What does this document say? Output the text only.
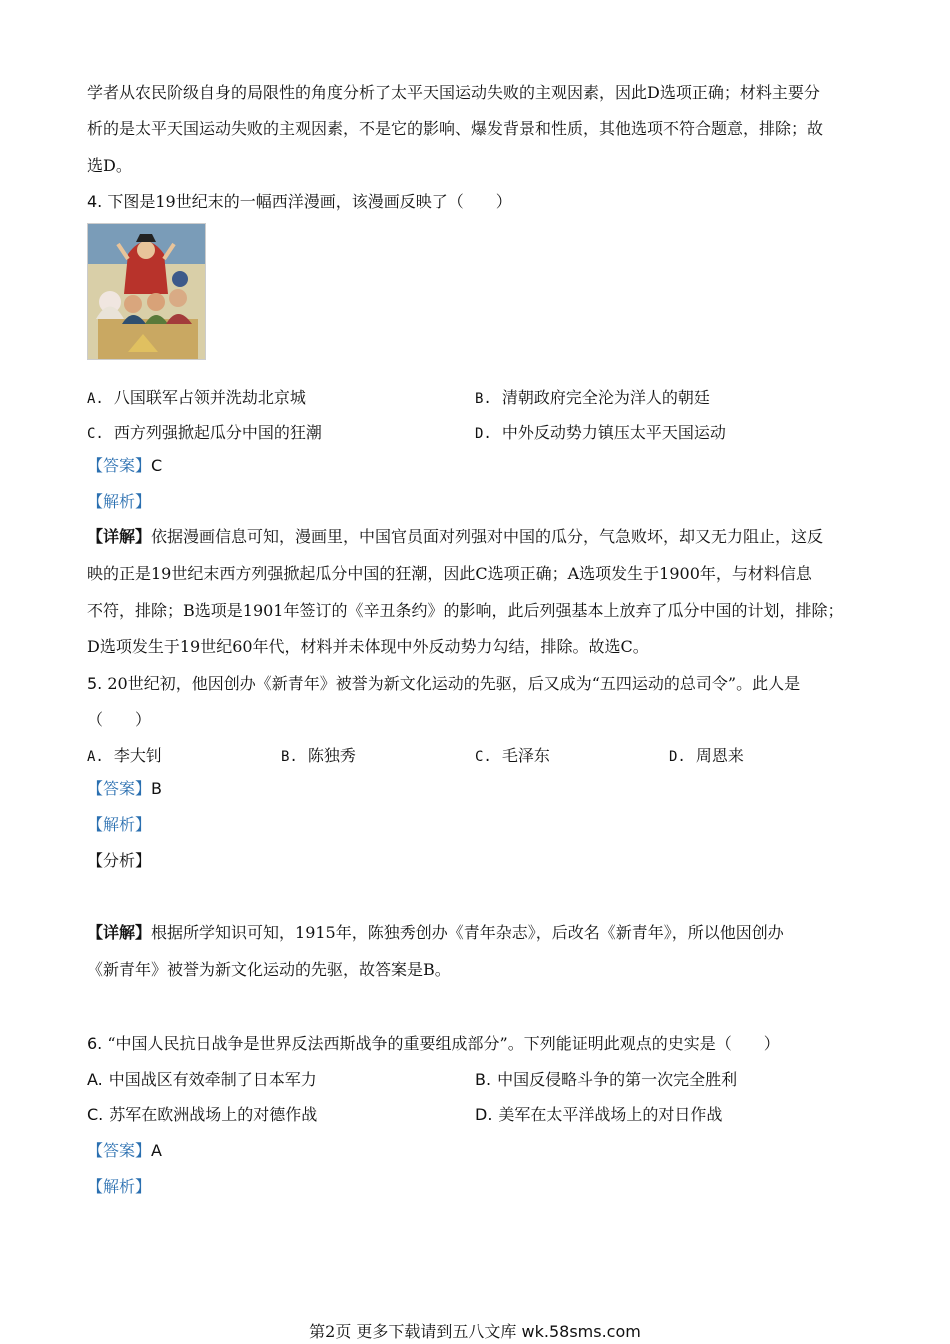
学者从农民阶级自身的局限性的角度分析了太平天国运动失败的主观因素，因此D选项正确；材料主要分
析的是太平天国运动失败的主观因素，不是它的影响、爆发背景和性质，其他选项不符合题意，排除；故
选D。
4. 下图是19世纪末的一幅西洋漫画，该漫画反映了（　　）
A. 八国联军占领并洗劫北京城	B. 清朝政府完全沦为洋人的朝廷
C. 西方列强掀起瓜分中国的狂潮	D. 中外反动势力镇压太平天国运动
【答案】C
【解析】
【详解】依据漫画信息可知，漫画里，中国官员面对列强对中国的瓜分，气急败坏，却又无力阻止，这反
映的正是19世纪末西方列强掀起瓜分中国的狂潮，因此C选项正确；A选项发生于1900年，与材料信息
不符，排除；B选项是1901年签订的《辛丑条约》的影响，此后列强基本上放弃了瓜分中国的计划，排除；
D选项发生于19世纪60年代，材料并未体现中外反动势力勾结，排除。故选C。
5. 20世纪初，他因创办《新青年》被誉为新文化运动的先驱，后又成为“五四运动的总司令”。此人是
（　　）
A. 李大钊	B. 陈独秀	C. 毛泽东	D. 周恩来
【答案】B
【解析】
【分析】
【详解】根据所学知识可知，1915年，陈独秀创办《青年杂志》，后改名《新青年》，所以他因创办
《新青年》被誉为新文化运动的先驱，故答案是B。
6. “中国人民抗日战争是世界反法西斯战争的重要组成部分”。下列能证明此观点的史实是（　　）
A. 中国战区有效牵制了日本军力	B. 中国反侵略斗争的第一次完全胜利
C. 苏军在欧洲战场上的对德作战	D. 美军在太平洋战场上的对日作战
【答案】A
【解析】
第2页 更多下载请到五八文库 wk.58sms.com
